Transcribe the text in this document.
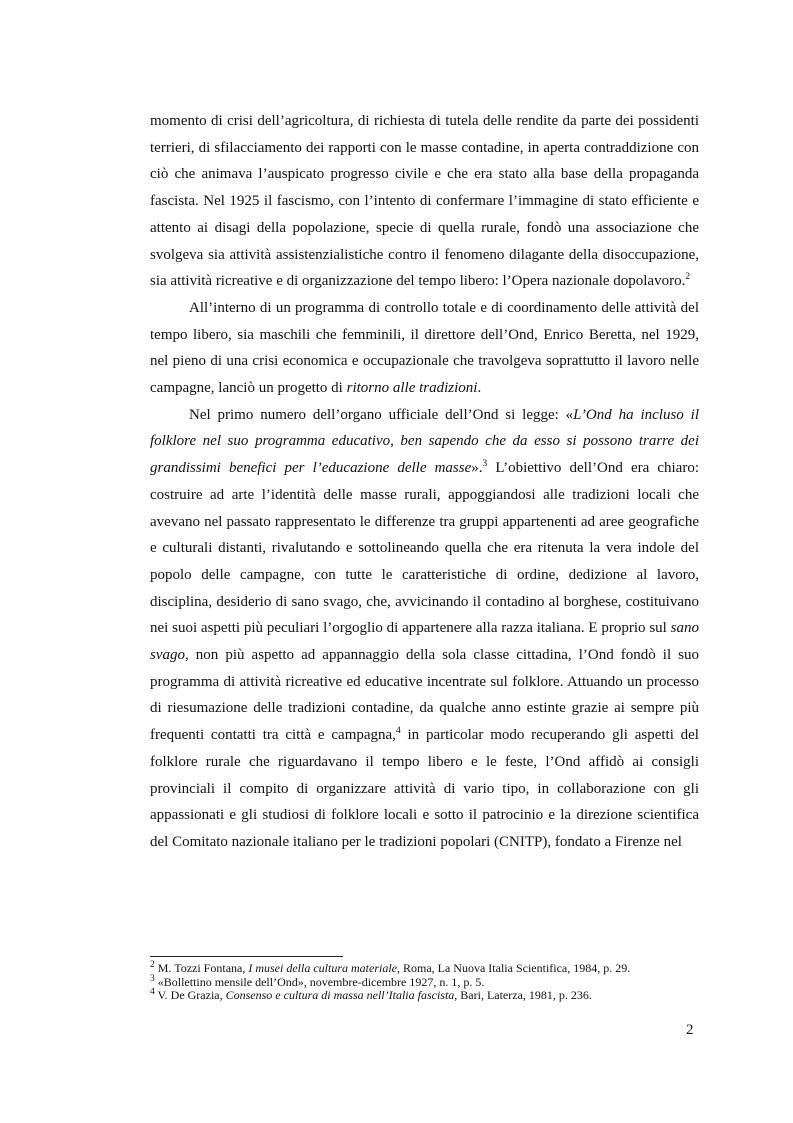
momento di crisi dell’agricoltura, di richiesta di tutela delle rendite da parte dei possidenti terrieri, di sfilacciamento dei rapporti con le masse contadine, in aperta contraddizione con ciò che animava l’auspicato progresso civile e che era stato alla base della propaganda fascista. Nel 1925 il fascismo, con l’intento di confermare l’immagine di stato efficiente e attento ai disagi della popolazione, specie di quella rurale, fondò una associazione che svolgeva sia attività assistenzialistiche contro il fenomeno dilagante della disoccupazione, sia attività ricreative e di organizzazione del tempo libero: l’Opera nazionale dopolavoro.$^2$

All’interno di un programma di controllo totale e di coordinamento delle attività del tempo libero, sia maschili che femminili, il direttore dell’Ond, Enrico Beretta, nel 1929, nel pieno di una crisi economica e occupazionale che travolgeva soprattutto il lavoro nelle campagne, lanciò un progetto di ritorno alle tradizioni.

Nel primo numero dell’organo ufficiale dell’Ond si legge: «L’Ond ha incluso il folklore nel suo programma educativo, ben sapendo che da esso si possono trarre dei grandissimi benefici per l’educazione delle masse».$^3$ L’obiettivo dell’Ond era chiaro: costruire ad arte l’identità delle masse rurali, appoggiandosi alle tradizioni locali che avevano nel passato rappresentato le differenze tra gruppi appartenenti ad aree geografiche e culturali distanti, rivalutando e sottolineando quella che era ritenuta la vera indole del popolo delle campagne, con tutte le caratteristiche di ordine, dedizione al lavoro, disciplina, desiderio di sano svago, che, avvicinando il contadino al borghese, costituivano nei suoi aspetti più peculiari l’orgoglio di appartenere alla razza italiana. E proprio sul sano svago, non più aspetto ad appannaggio della sola classe cittadina, l’Ond fondò il suo programma di attività ricreative ed educative incentrate sul folklore. Attuando un processo di riesumazione delle tradizioni contadine, da qualche anno estinte grazie ai sempre più frequenti contatti tra città e campagna,$^4$ in particolar modo recuperando gli aspetti del folklore rurale che riguardavano il tempo libero e le feste, l’Ond affidò ai consigli provinciali il compito di organizzare attività di vario tipo, in collaborazione con gli appassionati e gli studiosi di folklore locali e sotto il patrocinio e la direzione scientifica del Comitato nazionale italiano per le tradizioni popolari (CNITP), fondato a Firenze nel

$^2$ M. Tozzi Fontana, I musei della cultura materiale, Roma, La Nuova Italia Scientifica, 1984, p. 29.

$^3$ «Bollettino mensile dell’Ond», novembre-dicembre 1927, n. 1, p. 5.

$^4$ V. De Grazia, Consenso e cultura di massa nell’Italia fascista, Bari, Laterza, 1981, p. 236.

2
